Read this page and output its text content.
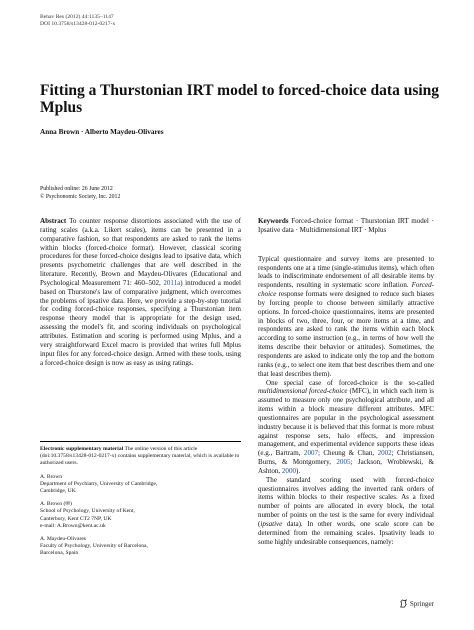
Behav Res (2012) 44:1135–1147
DOI 10.3758/s13428-012-0217-x
Fitting a Thurstonian IRT model to forced-choice data using Mplus
Anna Brown · Alberto Maydeu-Olivares
Published online: 26 June 2012
© Psychonomic Society, Inc. 2012

Abstract To counter response distortions associated with the use of rating scales (a.k.a. Likert scales), items can be presented in a comparative fashion, so that respondents are asked to rank the items within blocks (forced-choice format). However, classical scoring procedures for these forced-choice designs lead to ipsative data, which presents psychometric challenges that are well described in the literature. Recently, Brown and Maydeu-Olivares (Educational and Psychological Measurement 71: 460–502, 2011a) introduced a model based on Thurstone's law of comparative judgment, which overcomes the problems of ipsative data. Here, we provide a step-by-step tutorial for coding forced-choice responses, specifying a Thurstonian item response theory model that is appropriate for the design used, assessing the model's fit, and scoring individuals on psychological attributes. Estimation and scoring is performed using Mplus, and a very straightforward Excel macro is provided that writes full Mplus input files for any forced-choice design. Armed with these tools, using a forced-choice design is now as easy as using ratings.

Electronic supplementary material The online version of this article (doi:10.3758/s13428-012-0217-x) contains supplementary material, which is available to authorized users.

A. Brown
Department of Psychiatry, University of Cambridge,
Cambridge, UK
A. Brown (✉)
School of Psychology, University of Kent,
Canterbury, Kent CT2 7NP, UK
e-mail: A.Brown@kent.ac.uk
A. Maydeu-Olivares
Faculty of Psychology, University of Barcelona,
Barcelona, Spain
Keywords Forced-choice format · Thurstonian IRT model · Ipsative data · Multidimensional IRT · Mplus

Typical questionnaire and survey items are presented to respondents one at a time (single-stimulus items), which often leads to indiscriminate endorsement of all desirable items by respondents, resulting in systematic score inflation. Forced-choice response formats were designed to reduce such biases by forcing people to choose between similarly attractive options. In forced-choice questionnaires, items are presented in blocks of two, three, four, or more items at a time, and respondents are asked to rank the items within each block according to some instruction (e.g., in terms of how well the items describe their behavior or attitudes). Sometimes, the respondents are asked to indicate only the top and the bottom ranks (e.g., to select one item that best describes them and one that least describes them).

One special case of forced-choice is the so-called multidimensional forced-choice (MFC), in which each item is assumed to measure only one psychological attribute, and all items within a block measure different attributes. MFC questionnaires are popular in the psychological assessment industry because it is believed that this format is more robust against response sets, halo effects, and impression management, and experimental evidence supports these ideas (e.g., Bartram, 2007; Cheung & Chan, 2002; Christiansen, Burns, & Montgomery, 2005; Jackson, Wroblewski, & Ashton, 2000).

The standard scoring used with forced-choice questionnaires involves adding the inverted rank orders of items within blocks to their respective scales. As a fixed number of points are allocated in every block, the total number of points on the test is the same for every individual (ipsative data). In other words, one scale score can be determined from the remaining scales. Ipsativity leads to some highly undesirable consequences, namely:

Springer
